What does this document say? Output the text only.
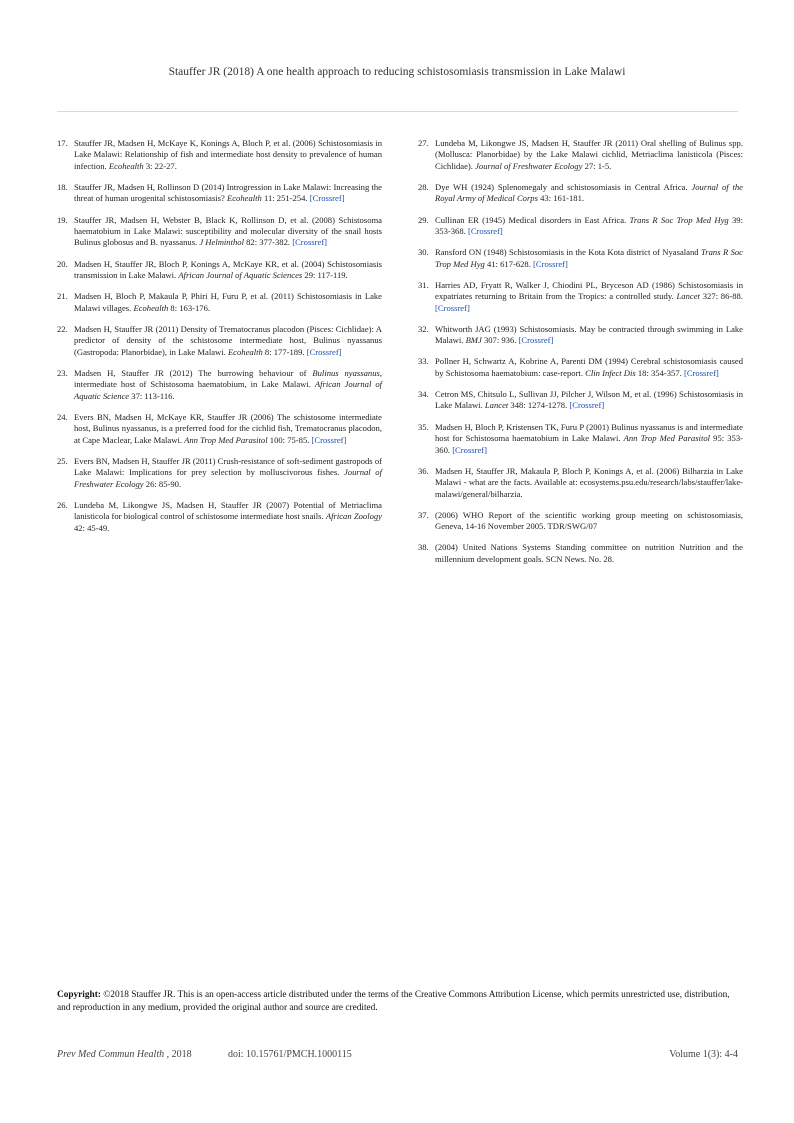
Stauffer JR (2018) A one health approach to reducing schistosomiasis transmission in Lake Malawi
17. Stauffer JR, Madsen H, McKaye K, Konings A, Bloch P, et al. (2006) Schistosomiasis in Lake Malawi: Relationship of fish and intermediate host density to prevalence of human infection. Ecohealth 3: 22-27.
18. Stauffer JR, Madsen H, Rollinson D (2014) Introgression in Lake Malawi: Increasing the threat of human urogenital schistosomiasis? Ecohealth 11: 251-254. [Crossref]
19. Stauffer JR, Madsen H, Webster B, Black K, Rollinson D, et al. (2008) Schistosoma haematobium in Lake Malawi: susceptibility and molecular diversity of the snail hosts Bulinus globosus and B. nyassanus. J Helminthol 82: 377-382. [Crossref]
20. Madsen H, Stauffer JR, Bloch P, Konings A, McKaye KR, et al. (2004) Schistosomiasis transmission in Lake Malawi. African Journal of Aquatic Sciences 29: 117-119.
21. Madsen H, Bloch P, Makaula P, Phiri H, Furu P, et al. (2011) Schistosomiasis in Lake Malawi villages. Ecohealth 8: 163-176.
22. Madsen H, Stauffer JR (2011) Density of Trematocranus placodon (Pisces: Cichlidae): A predictor of density of the schistosome intermediate host, Bulinus nyassanus (Gastropoda: Planorbidae), in Lake Malawi. Ecohealth 8: 177-189. [Crossref]
23. Madsen H, Stauffer JR (2012) The burrowing behaviour of Bulinus nyassanus, intermediate host of Schistosoma haematobium, in Lake Malawi. African Journal of Aquatic Science 37: 113-116.
24. Evers BN, Madsen H, McKaye KR, Stauffer JR (2006) The schistosome intermediate host, Bulinus nyassanus, is a preferred food for the cichlid fish, Trematocranus placodon, at Cape Maclear, Lake Malawi. Ann Trop Med Parasitol 100: 75-85. [Crossref]
25. Evers BN, Madsen H, Stauffer JR (2011) Crush-resistance of soft-sediment gastropods of Lake Malawi: Implications for prey selection by molluscivorous fishes. Journal of Freshwater Ecology 26: 85-90.
26. Lundeba M, Likongwe JS, Madsen H, Stauffer JR (2007) Potential of Metriaclima lanisticola for biological control of schistosome intermediate host snails. African Zoology 42: 45-49.
27. Lundeba M, Likongwe JS, Madsen H, Stauffer JR (2011) Oral shelling of Bulinus spp. (Mollusca: Planorbidae) by the Lake Malawi cichlid, Metriaclima lanisticola (Pisces: Cichlidae). Journal of Freshwater Ecology 27: 1-5.
28. Dye WH (1924) Splenomegaly and schistosomiasis in Central Africa. Journal of the Royal Army of Medical Corps 43: 161-181.
29. Cullinan ER (1945) Medical disorders in East Africa. Trans R Soc Trop Med Hyg 39: 353-368. [Crossref]
30. Ransford ON (1948) Schistosomiasis in the Kota Kota district of Nyasaland Trans R Soc Trop Med Hyg 41: 617-628. [Crossref]
31. Harries AD, Fryatt R, Walker J, Chiodini PL, Bryceson AD (1986) Schistosomiasis in expatriates returning to Britain from the Tropics: a controlled study. Lancet 327: 86-88. [Crossref]
32. Whitworth JAG (1993) Schistosomiasis. May be contracted through swimming in Lake Malawi. BMJ 307: 936. [Crossref]
33. Pollner H, Schwartz A, Kobrine A, Parenti DM (1994) Cerebral schistosomiasis caused by Schistosoma haematobium: case-report. Clin Infect Dis 18: 354-357. [Crossref]
34. Cetron MS, Chitsulo L, Sullivan JJ, Pilcher J, Wilson M, et al. (1996) Schistosomiasis in Lake Malawi. Lancet 348: 1274-1278. [Crossref]
35. Madsen H, Bloch P, Kristensen TK, Furu P (2001) Bulinus nyassanus is and intermediate host for Schistosoma haematobium in Lake Malawi. Ann Trop Med Parasitol 95: 353-360. [Crossref]
36. Madsen H, Stauffer JR, Makaula P, Bloch P, Konings A, et al. (2006) Bilharzia in Lake Malawi - what are the facts. Available at: ecosystems.psu.edu/research/labs/stauffer/lake-malawi/general/bilharzia.
37. (2006) WHO Report of the scientific working group meeting on schistosomiasis, Geneva, 14-16 November 2005. TDR/SWG/07
38. (2004) United Nations Systems Standing committee on nutrition Nutrition and the millennium development goals. SCN News. No. 28.
Copyright: ©2018 Stauffer JR. This is an open-access article distributed under the terms of the Creative Commons Attribution License, which permits unrestricted use, distribution, and reproduction in any medium, provided the original author and source are credited.
Prev Med Commun Health , 2018	doi: 10.15761/PMCH.1000115	Volume 1(3): 4-4
